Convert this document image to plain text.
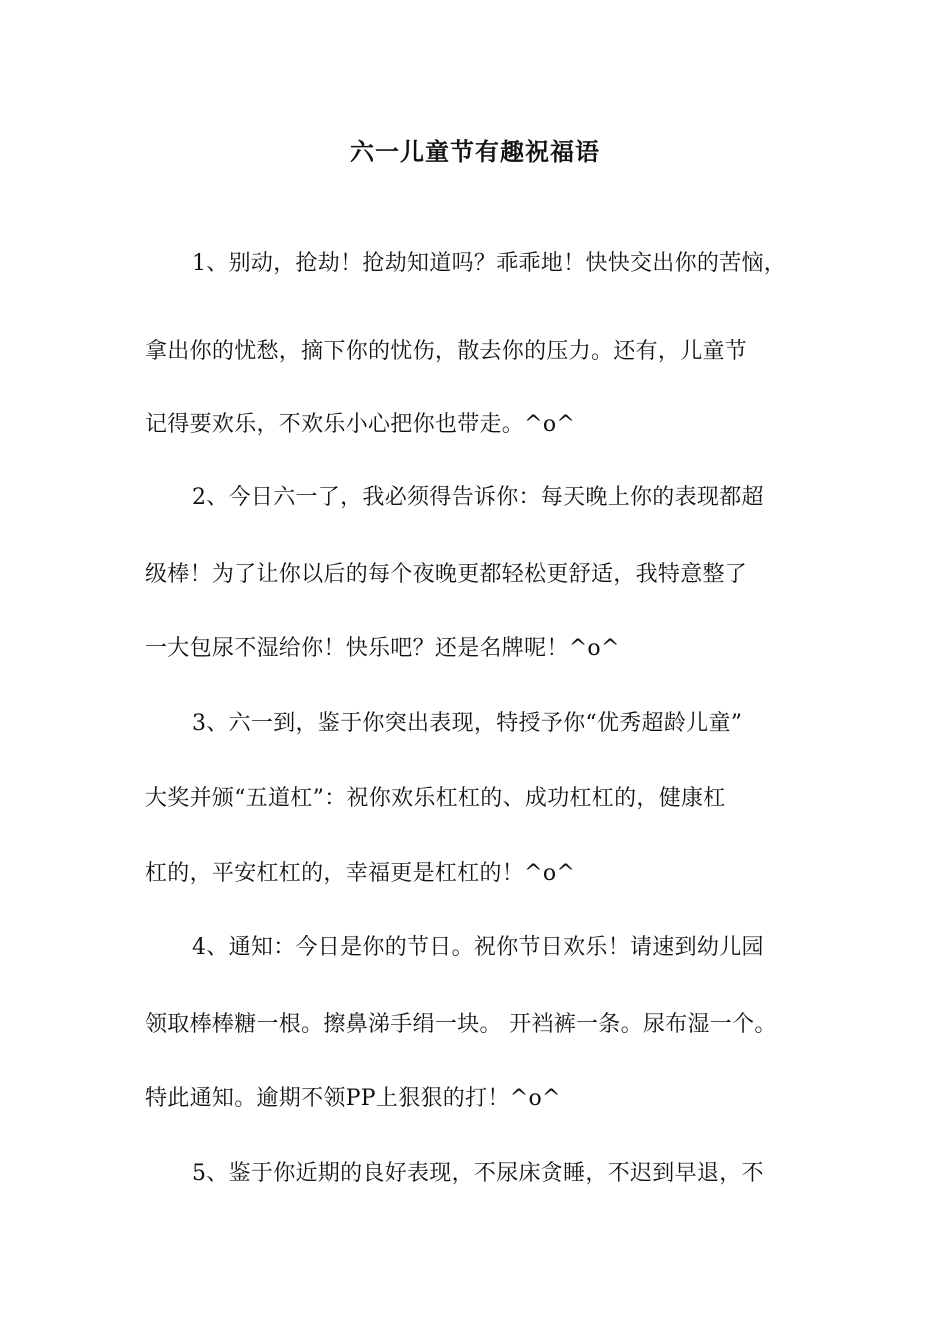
六一儿童节有趣祝福语
1、别动，抢劫！抢劫知道吗？乖乖地！快快交出你的苦恼，
拿出你的忧愁，摘下你的忧伤，散去你的压力。还有，儿童节
记得要欢乐，不欢乐小心把你也带走。^o^
2、今日六一了，我必须得告诉你：每天晚上你的表现都超
级棒！为了让你以后的每个夜晚更都轻松更舒适，我特意整了
一大包尿不湿给你！快乐吧？还是名牌呢！^o^
3、六一到，鉴于你突出表现，特授予你“优秀超龄儿童”
大奖并颁“五道杠”：祝你欢乐杠杠的、成功杠杠的，健康杠
杠的，平安杠杠的，幸福更是杠杠的！^o^
4、通知：今日是你的节日。祝你节日欢乐！请速到幼儿园
领取棒棒糖一根。擦鼻涕手绢一块。 开裆裤一条。尿布湿一个。
特此通知。逾期不领PP上狠狠的打！^o^
5、鉴于你近期的良好表现，不尿床贪睡，不迟到早退，不
